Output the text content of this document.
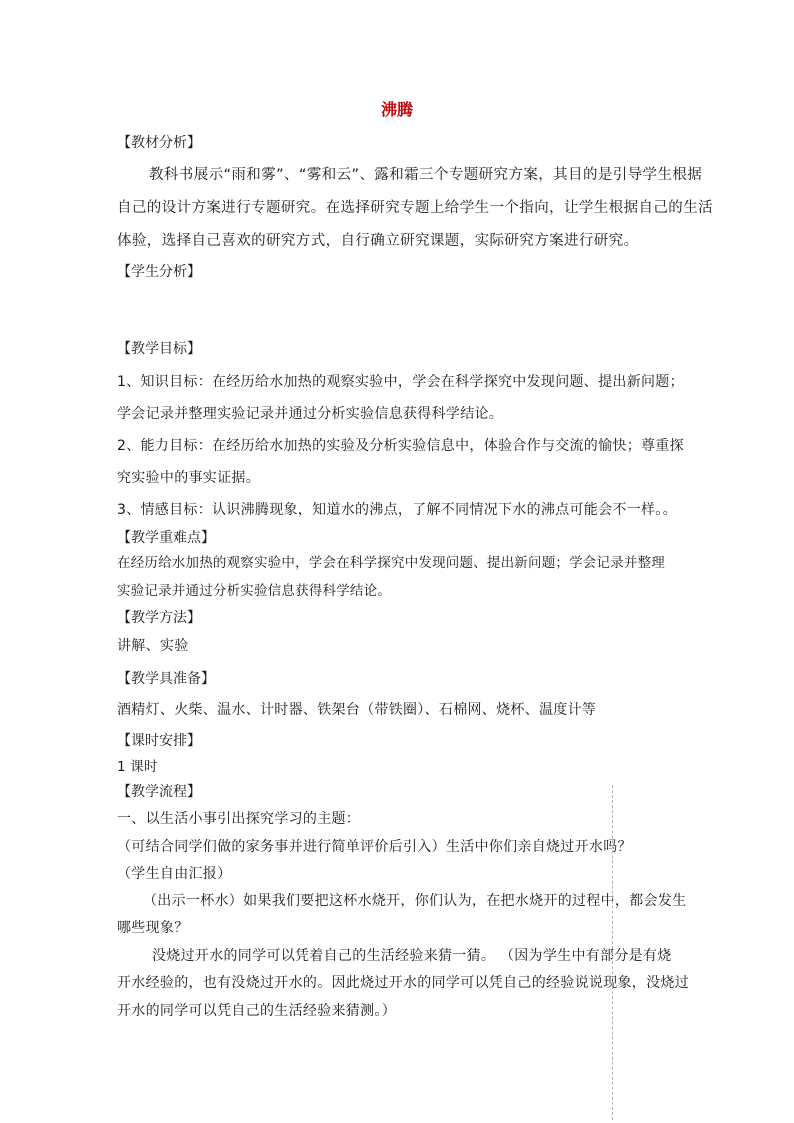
沸腾
【教材分析】
教科书展示“雨和雾”、“雾和云”、露和霜三个专题研究方案，其目的是引导学生根据
自己的设计方案进行专题研究。在选择研究专题上给学生一个指向，让学生根据自己的生活
体验，选择自己喜欢的研究方式，自行确立研究课题，实际研究方案进行研究。
【学生分析】
【教学目标】
1、知识目标：在经历给水加热的观察实验中，学会在科学探究中发现问题、提出新问题；
学会记录并整理实验记录并通过分析实验信息获得科学结论。
2、能力目标：在经历给水加热的实验及分析实验信息中，体验合作与交流的愉快；尊重探
究实验中的事实证据。
3、情感目标：认识沸腾现象，知道水的沸点，了解不同情况下水的沸点可能会不一样。。
【教学重难点】
在经历给水加热的观察实验中，学会在科学探究中发现问题、提出新问题；学会记录并整理
实验记录并通过分析实验信息获得科学结论。
【教学方法】
讲解、实验
【教学具准备】
酒精灯、火柴、温水、计时器、铁架台（带铁圈）、石棉网、烧杯、温度计等
【课时安排】
1 课时
【教学流程】
一、以生活小事引出探究学习的主题：
（可结合同学们做的家务事并进行简单评价后引入）生活中你们亲自烧过开水吗？
（学生自由汇报）
（出示一杯水）如果我们要把这杯水烧开，你们认为，在把水烧开的过程中，都会发生
哪些现象？
没烧过开水的同学可以凭着自己的生活经验来猜一猜。 （因为学生中有部分是有烧
开水经验的，也有没烧过开水的。因此烧过开水的同学可以凭自己的经验说说现象，没烧过
开水的同学可以凭自己的生活经验来猜测。）
